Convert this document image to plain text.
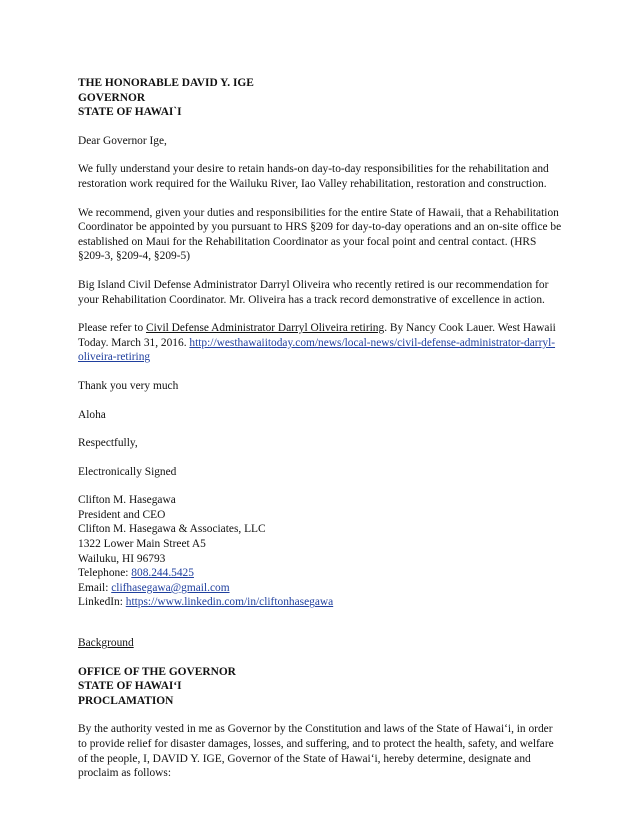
THE HONORABLE DAVID Y. IGE
GOVERNOR
STATE OF HAWAI`I

Dear Governor Ige,

We fully understand your desire to retain hands-on day-to-day responsibilities for the rehabilitation and restoration work required for the Wailuku River, Iao Valley rehabilitation, restoration and construction.

We recommend, given your duties and responsibilities for the entire State of Hawaii, that a Rehabilitation Coordinator be appointed by you pursuant to HRS §209 for day-to-day operations and an on-site office be established on Maui for the Rehabilitation Coordinator as your focal point and central contact. (HRS §209-3, §209-4, §209-5)

Big Island Civil Defense Administrator Darryl Oliveira who recently retired is our recommendation for your Rehabilitation Coordinator. Mr. Oliveira has a track record demonstrative of excellence in action.

Please refer to Civil Defense Administrator Darryl Oliveira retiring. By Nancy Cook Lauer. West Hawaii Today. March 31, 2016. http://westhawaiitoday.com/news/local-news/civil-defense-administrator-darryl-oliveira-retiring

Thank you very much

Aloha

Respectfully,

Electronically Signed

Clifton M. Hasegawa
President and CEO
Clifton M. Hasegawa & Associates, LLC
1322 Lower Main Street A5
Wailuku, HI 96793
Telephone: 808.244.5425
Email: clifhasegawa@gmail.com
LinkedIn: https://www.linkedin.com/in/cliftonhasegawa

Background

OFFICE OF THE GOVERNOR
STATE OF HAWAI‘I
PROCLAMATION

By the authority vested in me as Governor by the Constitution and laws of the State of Hawai‘i, in order to provide relief for disaster damages, losses, and suffering, and to protect the health, safety, and welfare of the people, I, DAVID Y. IGE, Governor of the State of Hawai‘i, hereby determine, designate and proclaim as follows:
